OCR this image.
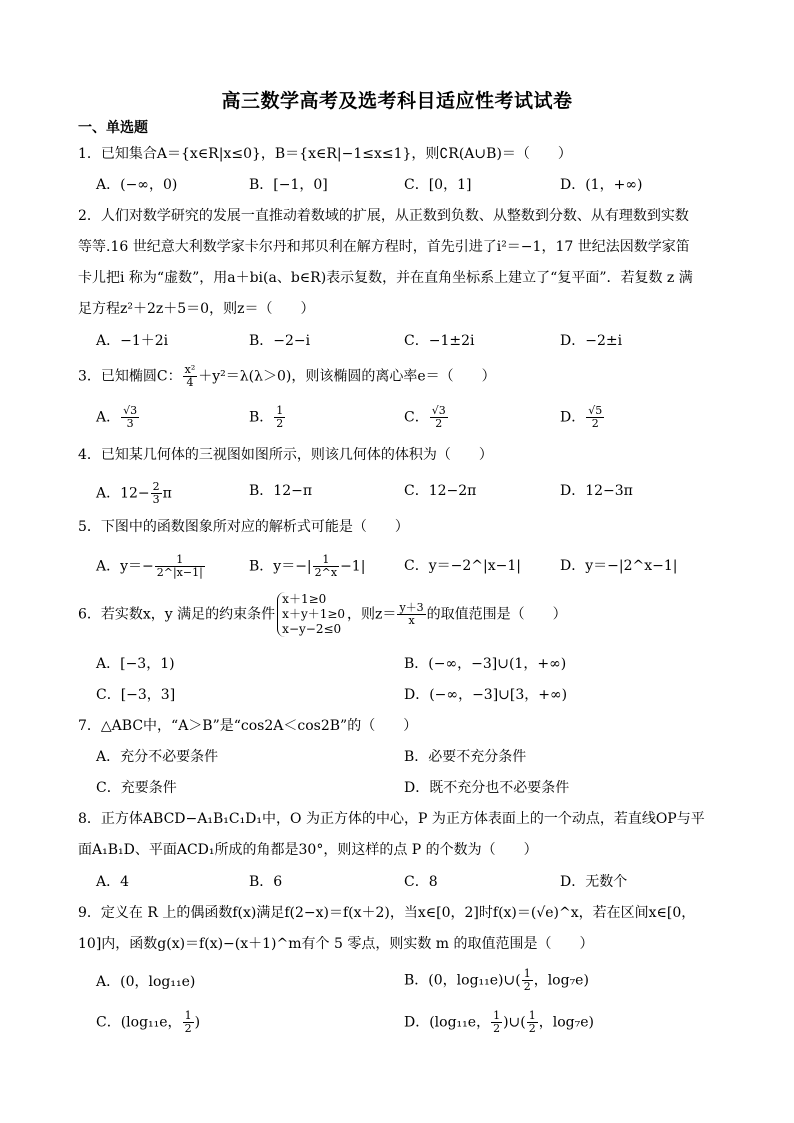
高三数学高考及选考科目适应性考试试卷
一、单选题
1．已知集合A＝{x∈R|x≤0}，B＝{x∈R|−1≤x≤1}，则∁R(A∪B)＝（　　）
A．(−∞，0)	B．[−1，0]	C．[0，1]	D．(1，+∞)
2．人们对数学研究的发展一直推动着数域的扩展，从正数到负数、从整数到分数、从有理数到实数
等等.16 世纪意大利数学家卡尔丹和邦贝利在解方程时，首先引进了i²＝−1，17 世纪法因数学家笛
卡儿把i 称为“虚数”，用a＋bi(a、b∈R)表示复数，并在直角坐标系上建立了“复平面”．若复数 z 满
足方程z²＋2z＋5＝0，则z＝（　　）
A．−1＋2i	B．−2−i	C．−1±2i	D．−2±i
3．已知椭圆C： $\frac{\text{x²}}{4} +y^2=\lambda(\lambda>0)$，则该椭圆的离心率e＝（　　）
A． $\frac{√3}{3}$	B． $\frac{1}{2}$	C． $\frac{√3}{2}$	D． $\frac{√5}{2}$
4．已知某几何体的三视图如图所示，则该几何体的体积为（　　）
A．$12- \frac{2}{3}$ π	B．12−π	C．12−2π	D．12−3π
5．下图中的函数图象所对应的解析式可能是（　　）
A．$y=- \frac{1}{2\^{}|x-1|}$	B．$y=-| \frac{1}{2\^{}x} -1|$	C．y＝−2^|x−1|	D．y＝−|2^x−1|
6．若实数x，y 满足的约束条件
x＋1≥0
x＋y＋1≥0
x−y−2≤0
，则$z= \frac{y+3}{x}$ 的取值范围是（　　）
A．[−3，1)	B．(−∞，−3]∪(1，+∞)
C．[−3，3]	D．(−∞，−3]∪[3，+∞)
7．△ABC中，“A＞B”是“cos2A＜cos2B”的（　　）
A．充分不必要条件	B．必要不充分条件
C．充要条件	D．既不充分也不必要条件
8．正方体ABCD−A₁B₁C₁D₁中，O 为正方体的中心，P 为正方体表面上的一个动点，若直线OP与平
面A₁B₁D、平面ACD₁所成的角都是30°，则这样的点 P 的个数为（　　）
A．4	B．6	C．8	D．无数个
9．定义在 R 上的偶函数f(x)满足f(2−x)＝f(x＋2)，当x∈[0，2]时f(x)＝(√e)^x，若在区间x∈[0，
10]内，函数g(x)＝f(x)−(x＋1)^m有个 5 零点，则实数 m 的取值范围是（　　）
A．(0，log₁₁e)	B．(0，log₁₁e)∪( $\frac{1}{2}$ ，log₇e)
C．(log₁₁e， $\frac{1}{2}$ )	D．(log₁₁e， $\frac{1}{2}$ )∪( $\frac{1}{2}$ ，log₇e)
